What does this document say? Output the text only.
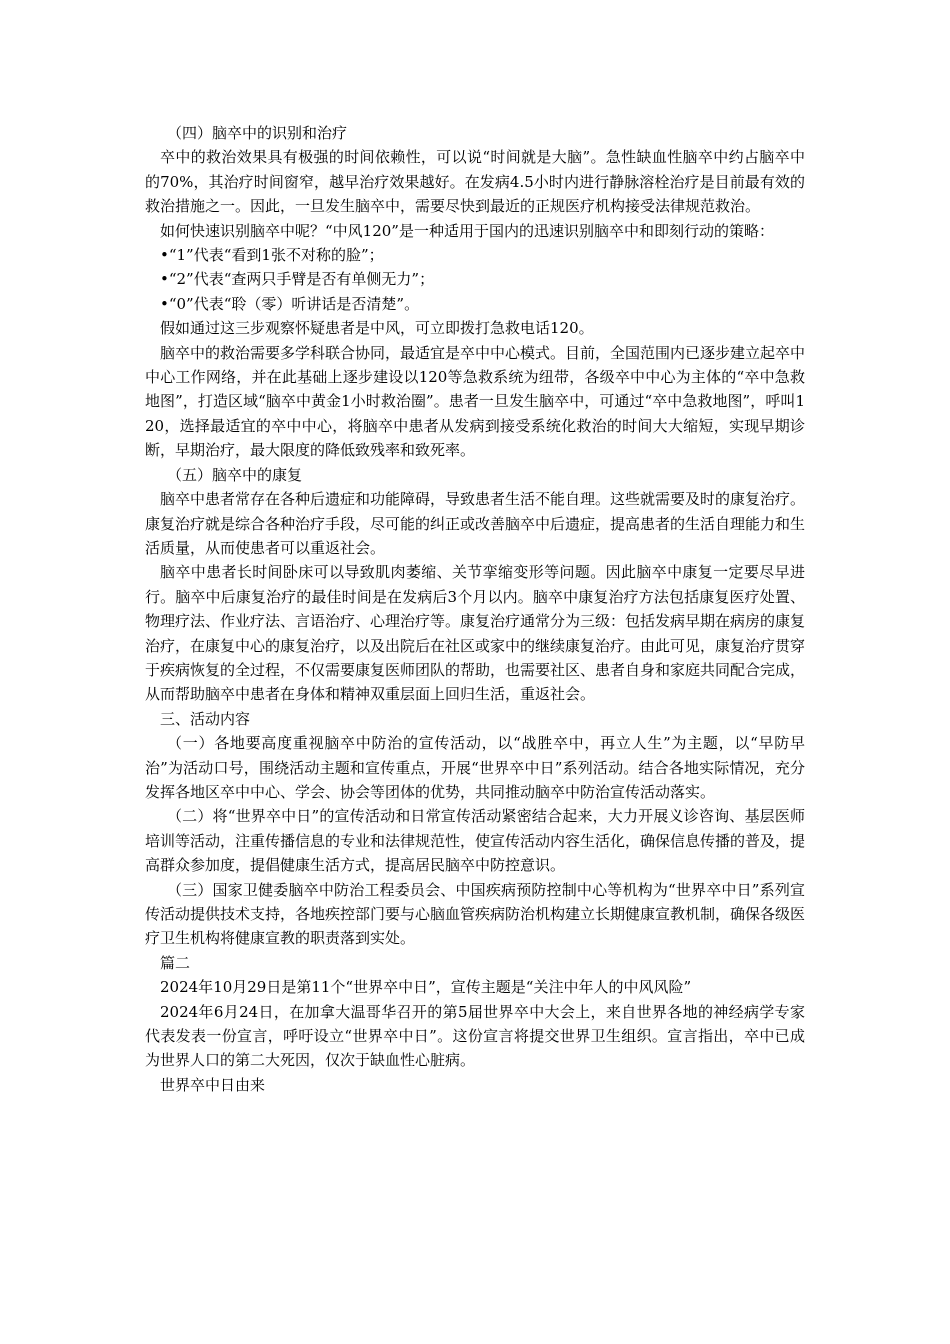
（四）脑卒中的识别和治疗

卒中的救治效果具有极强的时间依赖性，可以说“时间就是大脑”。急性缺血性脑卒中约占脑卒中的70%，其治疗时间窗窄，越早治疗效果越好。在发病4.5小时内进行静脉溶栓治疗是目前最有效的救治措施之一。因此，一旦发生脑卒中，需要尽快到最近的正规医疗机构接受法律规范救治。

如何快速识别脑卒中呢？“中风120”是一种适用于国内的迅速识别脑卒中和即刻行动的策略：

•“1”代表“看到1张不对称的脸”；

•“2”代表“查两只手臂是否有单侧无力”；

•“0”代表“聆（零）听讲话是否清楚”。

假如通过这三步观察怀疑患者是中风，可立即拨打急救电话120。

脑卒中的救治需要多学科联合协同，最适宜是卒中中心模式。目前，全国范围内已逐步建立起卒中中心工作网络，并在此基础上逐步建设以120等急救系统为纽带，各级卒中中心为主体的“卒中急救地图”，打造区域“脑卒中黄金1小时救治圈”。患者一旦发生脑卒中，可通过“卒中急救地图”，呼叫120，选择最适宜的卒中中心，将脑卒中患者从发病到接受系统化救治的时间大大缩短，实现早期诊断，早期治疗，最大限度的降低致残率和致死率。

（五）脑卒中的康复

脑卒中患者常存在各种后遗症和功能障碍，导致患者生活不能自理。这些就需要及时的康复治疗。康复治疗就是综合各种治疗手段，尽可能的纠正或改善脑卒中后遗症，提高患者的生活自理能力和生活质量，从而使患者可以重返社会。

脑卒中患者长时间卧床可以导致肌肉萎缩、关节挛缩变形等问题。因此脑卒中康复一定要尽早进行。脑卒中后康复治疗的最佳时间是在发病后3个月以内。脑卒中康复治疗方法包括康复医疗处置、物理疗法、作业疗法、言语治疗、心理治疗等。康复治疗通常分为三级：包括发病早期在病房的康复治疗，在康复中心的康复治疗，以及出院后在社区或家中的继续康复治疗。由此可见，康复治疗贯穿于疾病恢复的全过程，不仅需要康复医师团队的帮助，也需要社区、患者自身和家庭共同配合完成，从而帮助脑卒中患者在身体和精神双重层面上回归生活，重返社会。

三、活动内容

（一）各地要高度重视脑卒中防治的宣传活动，以“战胜卒中，再立人生”为主题，以“早防早治”为活动口号，围绕活动主题和宣传重点，开展“世界卒中日”系列活动。结合各地实际情况，充分发挥各地区卒中中心、学会、协会等团体的优势，共同推动脑卒中防治宣传活动落实。

（二）将“世界卒中日”的宣传活动和日常宣传活动紧密结合起来，大力开展义诊咨询、基层医师培训等活动，注重传播信息的专业和法律规范性，使宣传活动内容生活化，确保信息传播的普及，提高群众参加度，提倡健康生活方式，提高居民脑卒中防控意识。

（三）国家卫健委脑卒中防治工程委员会、中国疾病预防控制中心等机构为“世界卒中日”系列宣传活动提供技术支持，各地疾控部门要与心脑血管疾病防治机构建立长期健康宣教机制，确保各级医疗卫生机构将健康宣教的职责落到实处。

篇二

2024年10月29日是第11个“世界卒中日”，宣传主题是“关注中年人的中风风险”

2024年6月24日，在加拿大温哥华召开的第5届世界卒中大会上，来自世界各地的神经病学专家代表发表一份宣言，呼吁设立“世界卒中日”。这份宣言将提交世界卫生组织。宣言指出，卒中已成为世界人口的第二大死因，仅次于缺血性心脏病。

世界卒中日由来
